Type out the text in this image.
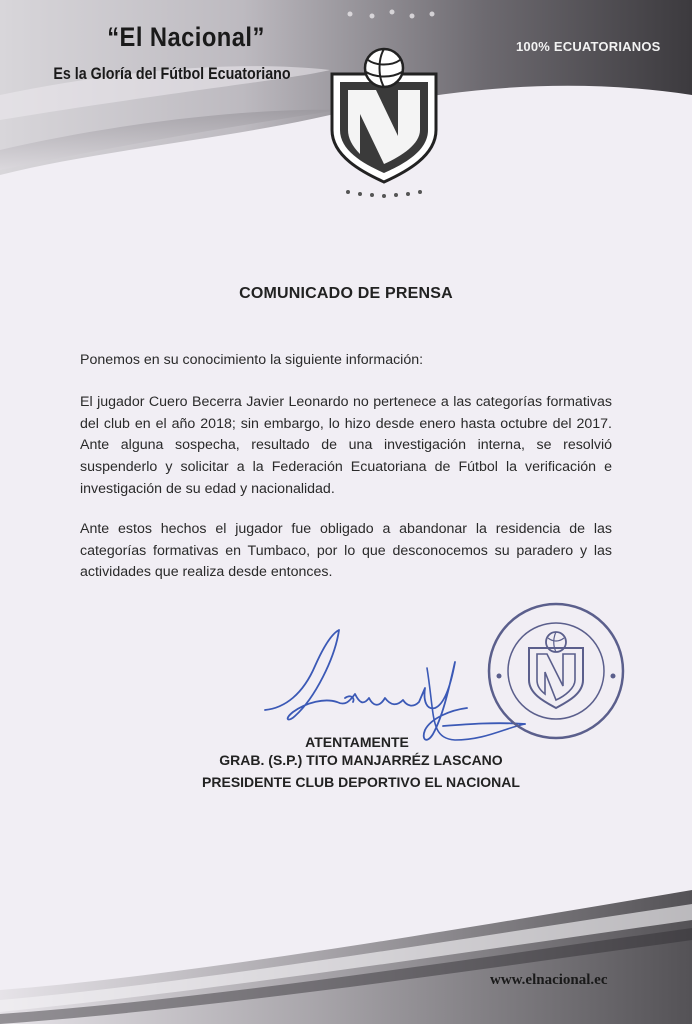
“El Nacional”
Es la Gloría del Fútbol Ecuatoriano
100% ECUATORIANOS
COMUNICADO DE PRENSA
Ponemos en su conocimiento la siguiente información:
El jugador Cuero Becerra Javier Leonardo no pertenece a las categorías formativas del club en el año 2018; sin embargo, lo hizo desde enero hasta octubre del 2017. Ante alguna sospecha, resultado de una investigación interna, se resolvió suspenderlo y solicitar a la Federación Ecuatoriana de Fútbol la verificación e investigación de su edad y nacionalidad.
Ante estos hechos el jugador fue obligado a abandonar la residencia de las categorías formativas en Tumbaco, por lo que desconocemos su paradero y las actividades que realiza desde entonces.
ATENTAMENTE
GRAB. (S.P.) TITO MANJARRÉZ LASCANO
PRESIDENTE CLUB DEPORTIVO EL NACIONAL
www.elnacional.ec
